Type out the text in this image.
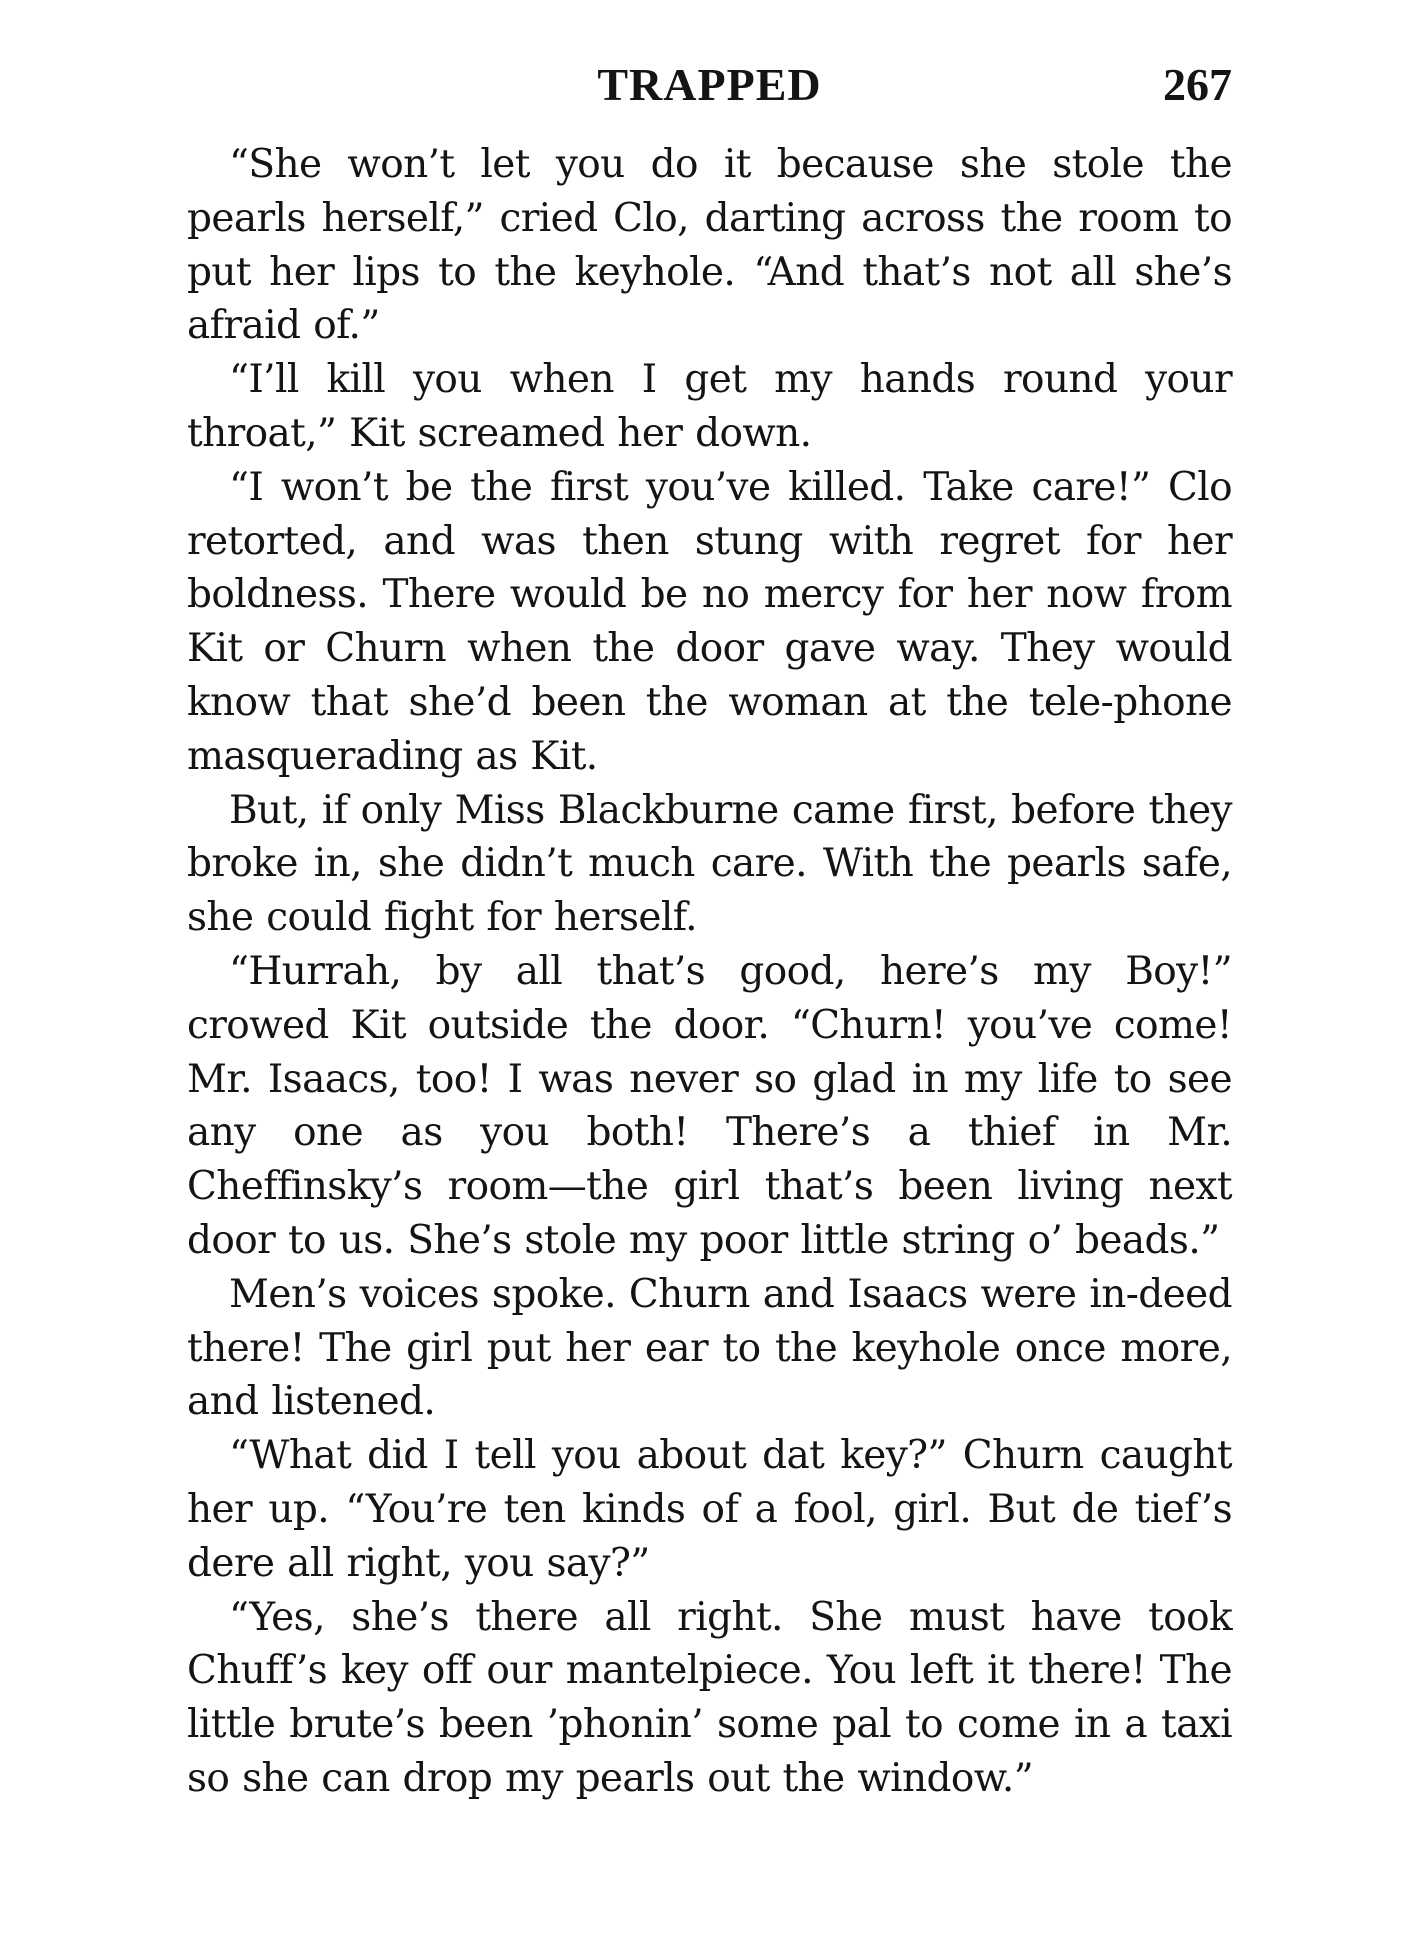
TRAPPED	267

“She won’t let you do it because she stole the pearls herself,” cried Clo, darting across the room to put her lips to the keyhole. “And that’s not all she’s afraid of.”

“I’ll kill you when I get my hands round your throat,” Kit screamed her down.

“I won’t be the first you’ve killed. Take care!” Clo retorted, and was then stung with regret for her boldness. There would be no mercy for her now from Kit or Churn when the door gave way. They would know that she’d been the woman at the tele-phone masquerading as Kit.

But, if only Miss Blackburne came first, before they broke in, she didn’t much care. With the pearls safe, she could fight for herself.

“Hurrah, by all that’s good, here’s my Boy!” crowed Kit outside the door. “Churn! you’ve come! Mr. Isaacs, too! I was never so glad in my life to see any one as you both! There’s a thief in Mr. Cheffinsky’s room—the girl that’s been living next door to us. She’s stole my poor little string o’ beads.”

Men’s voices spoke. Churn and Isaacs were in-deed there! The girl put her ear to the keyhole once more, and listened.

“What did I tell you about dat key?” Churn caught her up. “You’re ten kinds of a fool, girl. But de tief’s dere all right, you say?”

“Yes, she’s there all right. She must have took Chuff’s key off our mantelpiece. You left it there! The little brute’s been ’phonin’ some pal to come in a taxi so she can drop my pearls out the window.”
